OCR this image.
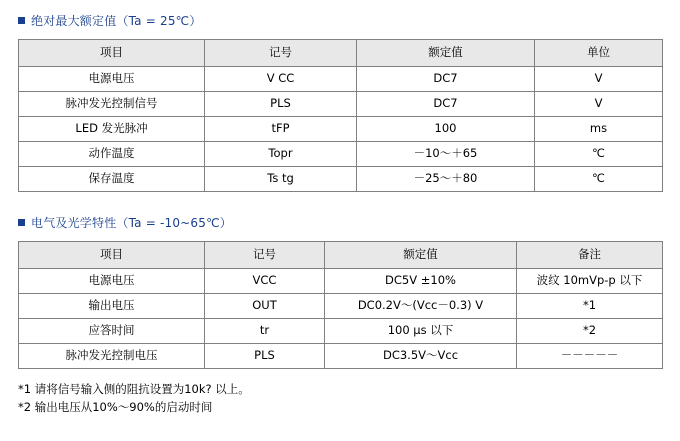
绝对最大额定值（Ta = 25℃）
项目	记号	额定值	单位
电源电压	V CC	DC7	V
脉冲发光控制信号	PLS	DC7	V
LED 发光脉冲	tFP	100	ms
动作温度	Topr	－10～＋65	℃
保存温度	Ts tg	－25～＋80	℃
电气及光学特性（Ta = -10~65℃）
项目	记号	额定值	备注
电源电压	VCC	DC5V ±10%	波纹 10mVp-p 以下
输出电压	OUT	DC0.2V～(Vcc－0.3) V	*1
应答时间	tr	100 µs 以下	*2
脉冲发光控制电压	PLS	DC3.5V～Vcc	－－－－－
*1 请将信号输入侧的阻抗设置为10k? 以上。
*2 输出电压从10%～90%的启动时间
